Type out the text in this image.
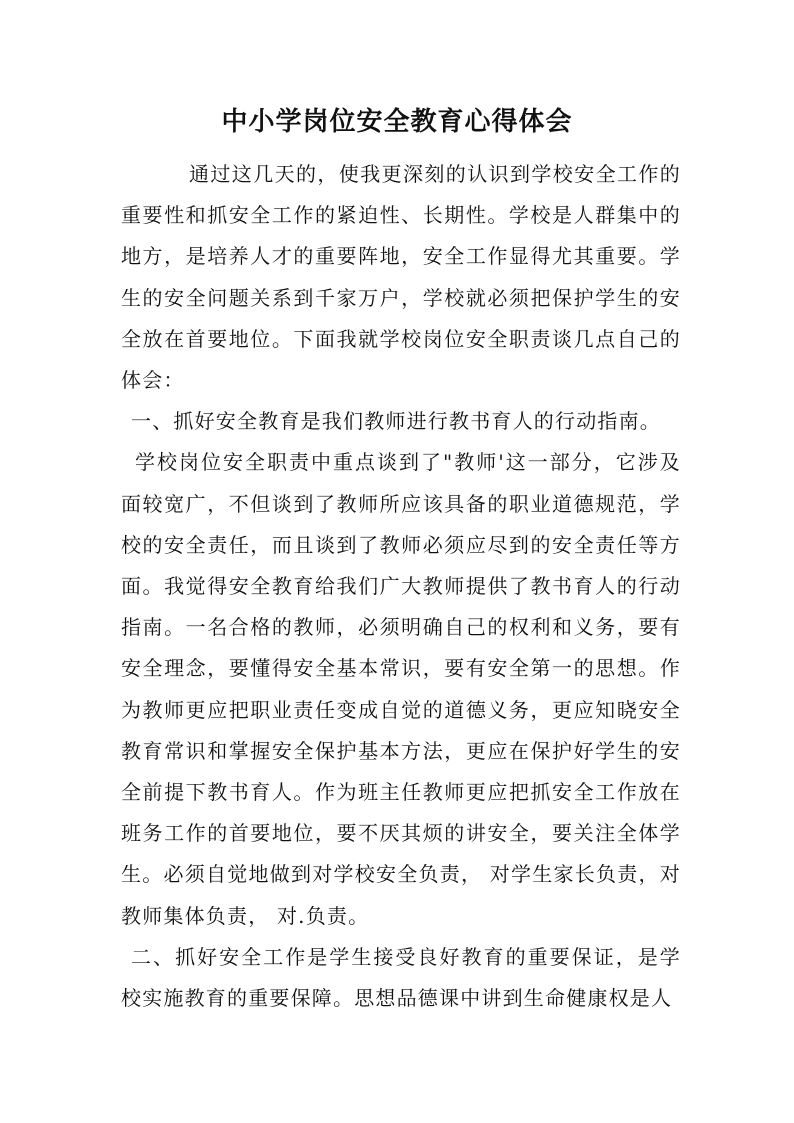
中小学岗位安全教育心得体会

通过这几天的，使我更深刻的认识到学校安全工作的重要性和抓安全工作的紧迫性、长期性。学校是人群集中的地方，是培养人才的重要阵地，安全工作显得尤其重要。学生的安全问题关系到千家万户，学校就必须把保护学生的安全放在首要地位。下面我就学校岗位安全职责谈几点自己的体会：

一、抓好安全教育是我们教师进行教书育人的行动指南。

学校岗位安全职责中重点谈到了"教师'这一部分，它涉及面较宽广，不但谈到了教师所应该具备的职业道德规范，学校的安全责任，而且谈到了教师必须应尽到的安全责任等方面。我觉得安全教育给我们广大教师提供了教书育人的行动指南。一名合格的教师，必须明确自己的权利和义务，要有安全理念，要懂得安全基本常识，要有安全第一的思想。作为教师更应把职业责任变成自觉的道德义务，更应知晓安全教育常识和掌握安全保护基本方法，更应在保护好学生的安全前提下教书育人。作为班主任教师更应把抓安全工作放在班务工作的首要地位，要不厌其烦的讲安全，要关注全体学生。必须自觉地做到对学校安全负责， 对学生家长负责，对教师集体负责， 对.负责。

二、抓好安全工作是学生接受良好教育的重要保证，是学校实施教育的重要保障。思想品德课中讲到生命健康权是人
